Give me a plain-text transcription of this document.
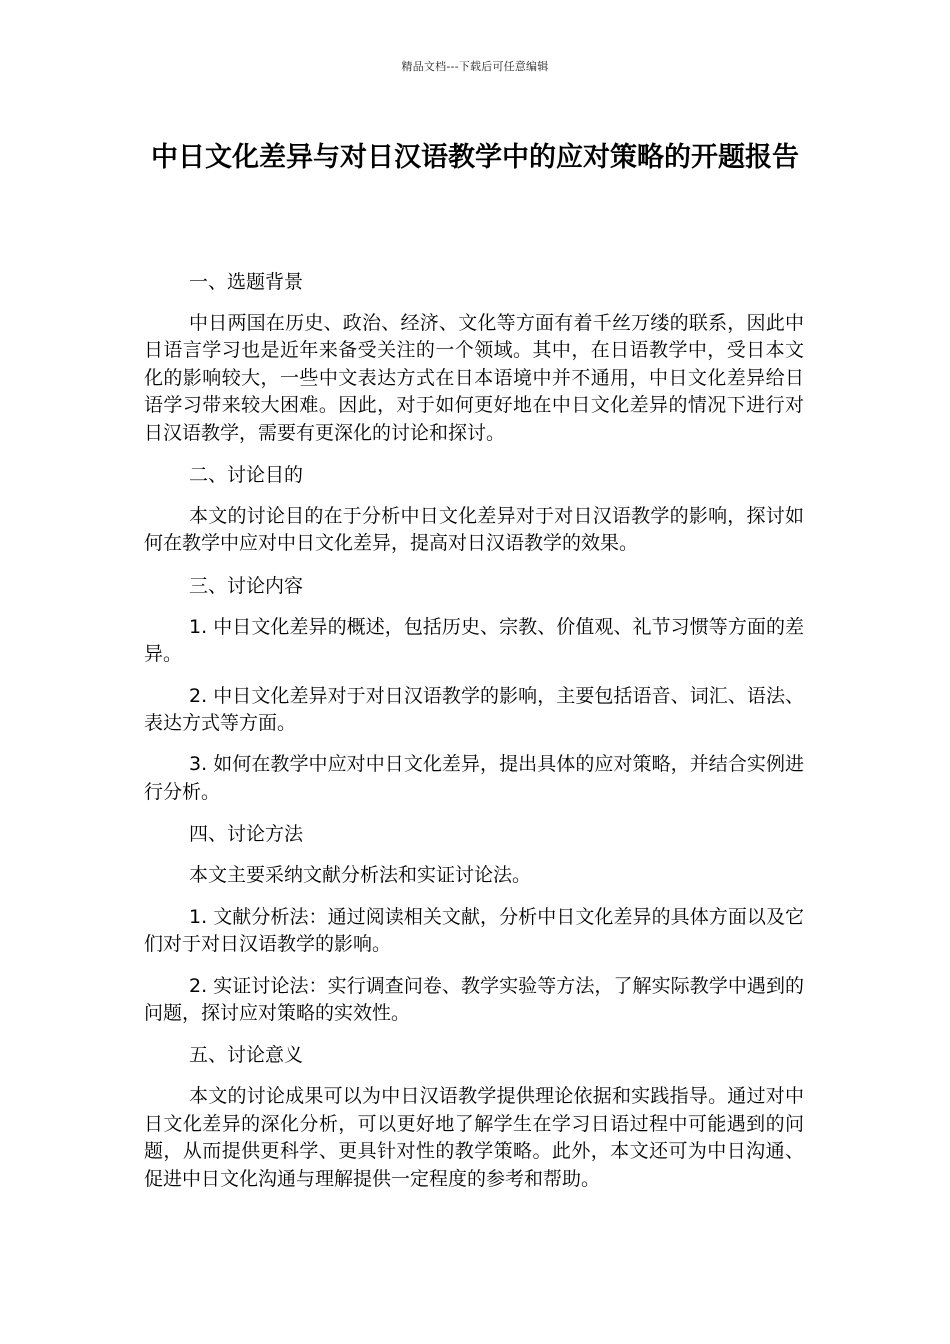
精品文档---下载后可任意编辑
中日文化差异与对日汉语教学中的应对策略的开题报告

一、选题背景

中日两国在历史、政治、经济、文化等方面有着千丝万缕的联系，因此中日语言学习也是近年来备受关注的一个领域。其中，在日语教学中，受日本文化的影响较大，一些中文表达方式在日本语境中并不通用，中日文化差异给日语学习带来较大困难。因此，对于如何更好地在中日文化差异的情况下进行对日汉语教学，需要有更深化的讨论和探讨。

二、讨论目的

本文的讨论目的在于分析中日文化差异对于对日汉语教学的影响，探讨如何在教学中应对中日文化差异，提高对日汉语教学的效果。

三、讨论内容

1. 中日文化差异的概述，包括历史、宗教、价值观、礼节习惯等方面的差异。

2. 中日文化差异对于对日汉语教学的影响，主要包括语音、词汇、语法、表达方式等方面。

3. 如何在教学中应对中日文化差异，提出具体的应对策略，并结合实例进行分析。

四、讨论方法

本文主要采纳文献分析法和实证讨论法。

1. 文献分析法：通过阅读相关文献，分析中日文化差异的具体方面以及它们对于对日汉语教学的影响。

2. 实证讨论法：实行调查问卷、教学实验等方法，了解实际教学中遇到的问题，探讨应对策略的实效性。

五、讨论意义

本文的讨论成果可以为中日汉语教学提供理论依据和实践指导。通过对中日文化差异的深化分析，可以更好地了解学生在学习日语过程中可能遇到的问题，从而提供更科学、更具针对性的教学策略。此外，本文还可为中日沟通、促进中日文化沟通与理解提供一定程度的参考和帮助。
